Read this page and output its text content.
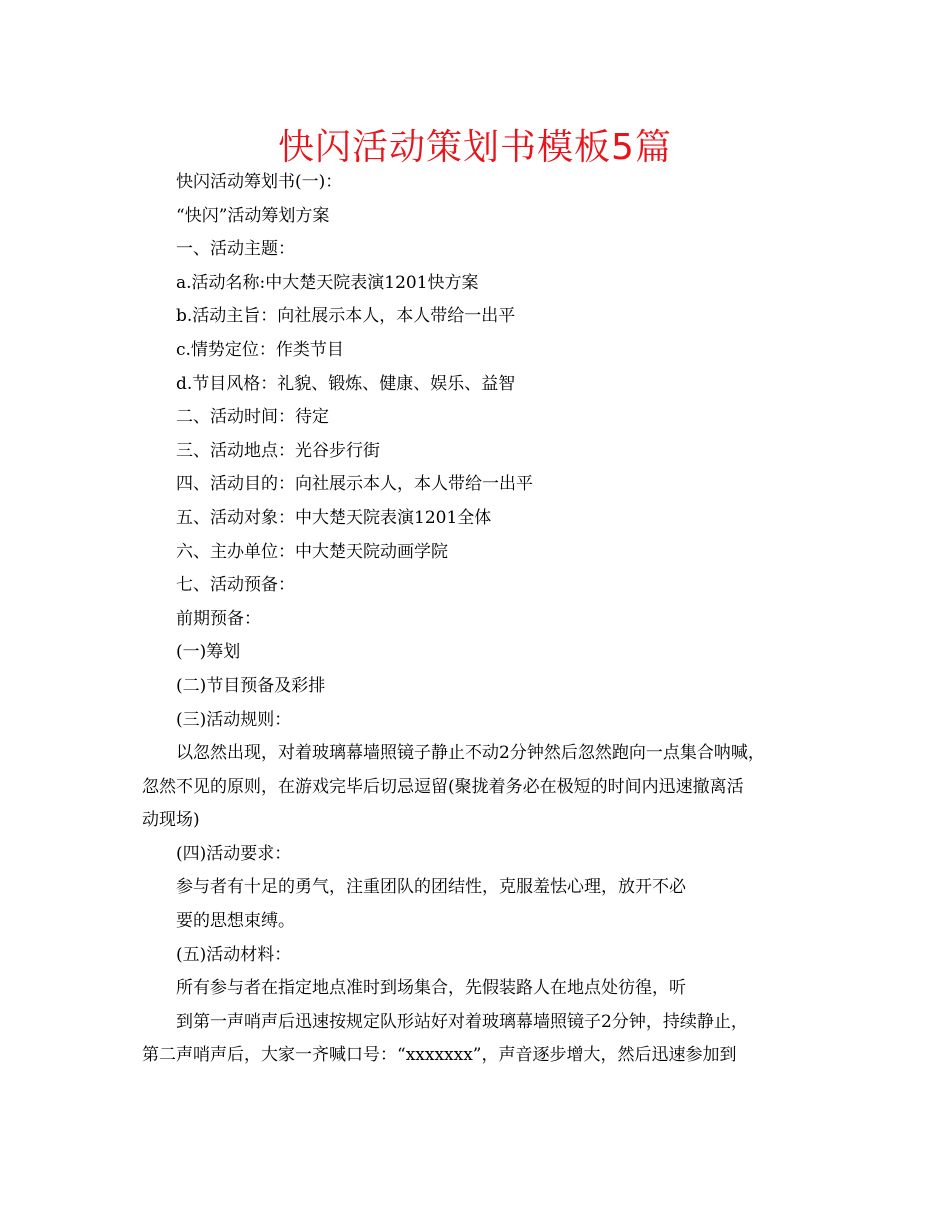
快闪活动策划书模板5篇
快闪活动筹划书(一)：
“快闪”活动筹划方案
一、活动主题：
a.活动名称:中大楚天院表演1201快方案
b.活动主旨：向社展示本人，本人带给一出平
c.情势定位：作类节目
d.节目风格：礼貌、锻炼、健康、娱乐、益智
二、活动时间：待定
三、活动地点：光谷步行街
四、活动目的：向社展示本人，本人带给一出平
五、活动对象：中大楚天院表演1201全体
六、主办单位：中大楚天院动画学院
七、活动预备：
前期预备：
(一)筹划
(二)节目预备及彩排
(三)活动规则：
以忽然出现，对着玻璃幕墙照镜子静止不动2分钟然后忽然跑向一点集合呐喊，
忽然不见的原则，在游戏完毕后切忌逗留(聚拢着务必在极短的时间内迅速撤离活
动现场)
(四)活动要求：
参与者有十足的勇气，注重团队的团结性，克服羞怯心理，放开不必
要的思想束缚。
(五)活动材料：
所有参与者在指定地点准时到场集合，先假装路人在地点处彷徨，听
到第一声哨声后迅速按规定队形站好对着玻璃幕墙照镜子2分钟，持续静止，
第二声哨声后，大家一齐喊口号：“xxxxxxx”，声音逐步增大，然后迅速参加到
